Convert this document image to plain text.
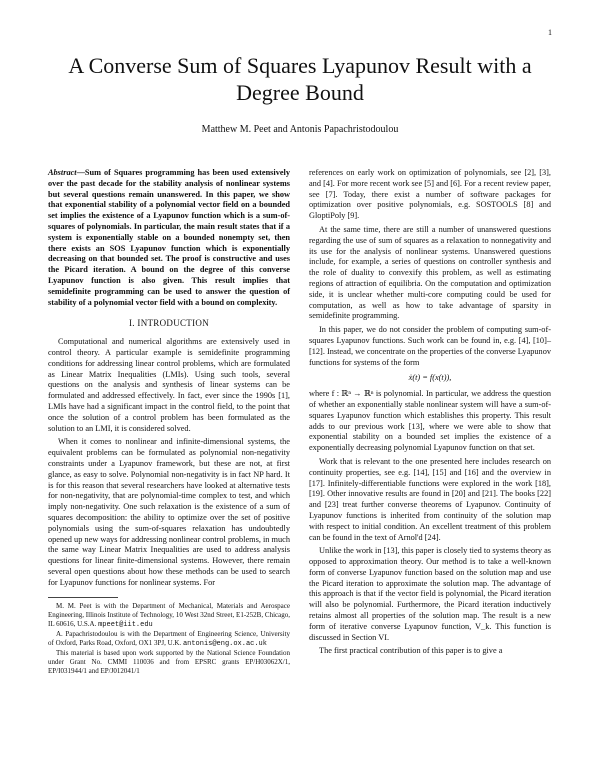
1
A Converse Sum of Squares Lyapunov Result with a Degree Bound
Matthew M. Peet and Antonis Papachristodoulou
Abstract—Sum of Squares programming has been used extensively over the past decade for the stability analysis of nonlinear systems but several questions remain unanswered. In this paper, we show that exponential stability of a polynomial vector field on a bounded set implies the existence of a Lyapunov function which is a sum-of-squares of polynomials. In particular, the main result states that if a system is exponentially stable on a bounded nonempty set, then there exists an SOS Lyapunov function which is exponentially decreasing on that bounded set. The proof is constructive and uses the Picard iteration. A bound on the degree of this converse Lyapunov function is also given. This result implies that semidefinite programming can be used to answer the question of stability of a polynomial vector field with a bound on complexity.
I. INTRODUCTION

Computational and numerical algorithms are extensively used in control theory. A particular example is semidefinite programming conditions for addressing linear control problems, which are formulated as Linear Matrix Inequalities (LMIs). Using such tools, several questions on the analysis and synthesis of linear systems can be formulated and addressed effectively. In fact, ever since the 1990s [1], LMIs have had a significant impact in the control field, to the point that once the solution of a control problem has been formulated as the solution to an LMI, it is considered solved.

When it comes to nonlinear and infinite-dimensional systems, the equivalent problems can be formulated as polynomial non-negativity constraints under a Lyapunov framework, but these are not, at first glance, as easy to solve. Polynomial non-negativity is in fact NP hard. It is for this reason that several researchers have looked at alternative tests for non-negativity, that are polynomial-time complex to test, and which imply non-negativity. One such relaxation is the existence of a sum of squares decomposition: the ability to optimize over the set of positive polynomials using the sum-of-squares relaxation has undoubtedly opened up new ways for addressing nonlinear control problems, in much the same way Linear Matrix Inequalities are used to address analysis questions for linear finite-dimensional systems. However, there remain several open questions about how these methods can be used to search for Lyapunov functions for nonlinear systems. For

M. M. Peet is with the Department of Mechanical, Materials and Aerospace Engineering, Illinois Institute of Technology, 10 West 32nd Street, E1-252B, Chicago, IL 60616, U.S.A. mpeet@iit.edu
A. Papachristodoulou is with the Department of Engineering Science, University of Oxford, Parks Road, Oxford, OX1 3PJ, U.K. antonis@eng.ox.ac.uk
This material is based upon work supported by the National Science Foundation under Grant No. CMMI 110036 and from EPSRC grants EP/H03062X/1, EP/I031944/1 and EP/J012041/1

references on early work on optimization of polynomials, see [2], [3], and [4]. For more recent work see [5] and [6]. For a recent review paper, see [7]. Today, there exist a number of software packages for optimization over positive polynomials, e.g. SOSTOOLS [8] and GloptiPoly [9].

At the same time, there are still a number of unanswered questions regarding the use of sum of squares as a relaxation to nonnegativity and its use for the analysis of nonlinear systems. Unanswered questions include, for example, a series of questions on controller synthesis and the role of duality to convexify this problem, as well as estimating regions of attraction of equilibria. On the computation and optimization side, it is unclear whether multi-core computing could be used for computation, as well as how to take advantage of sparsity in semidefinite programming.

In this paper, we do not consider the problem of computing sum-of-squares Lyapunov functions. Such work can be found in, e.g. [4], [10]–[12]. Instead, we concentrate on the properties of the converse Lyapunov functions for systems of the form

ẋ(t) = f(x(t)),

where f : ℝⁿ → ℝⁿ is polynomial. In particular, we address the question of whether an exponentially stable nonlinear system will have a sum-of-squares Lyapunov function which establishes this property. This result adds to our previous work [13], where we were able to show that exponential stability on a bounded set implies the existence of a exponentially decreasing polynomial Lyapunov function on that set.

Work that is relevant to the one presented here includes research on continuity properties, see e.g. [14], [15] and [16] and the overview in [17]. Infinitely-differentiable functions were explored in the work [18], [19]. Other innovative results are found in [20] and [21]. The books [22] and [23] treat further converse theorems of Lyapunov. Continuity of Lyapunov functions is inherited from continuity of the solution map with respect to initial condition. An excellent treatment of this problem can be found in the text of Arnol'd [24].

Unlike the work in [13], this paper is closely tied to systems theory as opposed to approximation theory. Our method is to take a well-known form of converse Lyapunov function based on the solution map and use the Picard iteration to approximate the solution map. The advantage of this approach is that if the vector field is polynomial, the Picard iteration will also be polynomial. Furthermore, the Picard iteration inductively retains almost all properties of the solution map. The result is a new form of iterative converse Lyapunov function, V_k. This function is discussed in Section VI.

The first practical contribution of this paper is to give a
